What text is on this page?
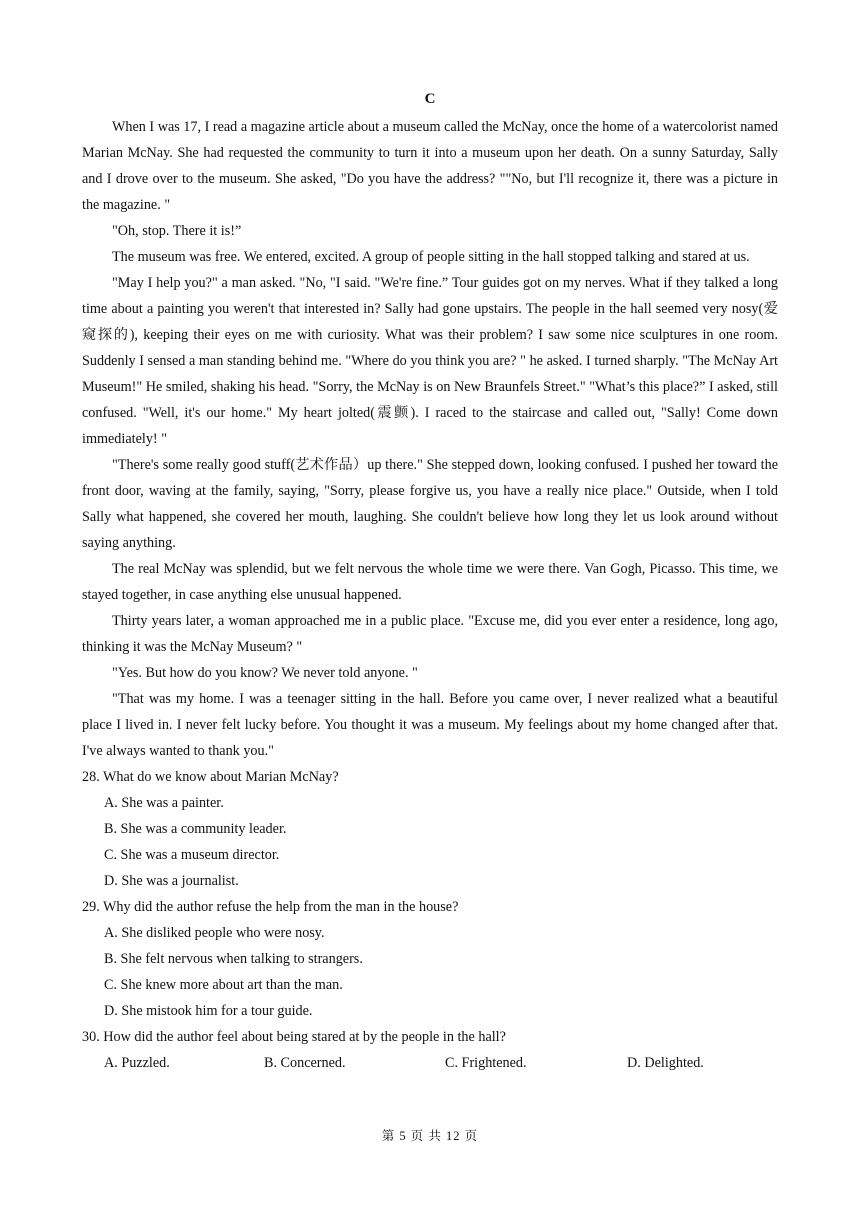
C

When I was 17, I read a magazine article about a museum called the McNay, once the home of a watercolorist named Marian McNay. She had requested the community to turn it into a museum upon her death. On a sunny Saturday, Sally and I drove over to the museum. She asked, "Do you have the address? ""No, but I'll recognize it, there was a picture in the magazine. "

"Oh, stop. There it is!”

The museum was free. We entered, excited. A group of people sitting in the hall stopped talking and stared at us.

"May I help you?" a man asked. "No, "I said. "We're fine.” Tour guides got on my nerves. What if they talked a long time about a painting you weren't that interested in? Sally had gone upstairs. The people in the hall seemed very nosy(爱窥探的), keeping their eyes on me with curiosity. What was their problem? I saw some nice sculptures in one room. Suddenly I sensed a man standing behind me. "Where do you think you are? " he asked. I turned sharply. "The McNay Art Museum!" He smiled, shaking his head. "Sorry, the McNay is on New Braunfels Street." "What’s this place?” I asked, still confused. "Well, it's our home." My heart jolted(震颤). I raced to the staircase and called out, "Sally! Come down immediately! "

"There's some really good stuff(艺术作品）up there." She stepped down, looking confused. I pushed her toward the front door, waving at the family, saying, "Sorry, please forgive us, you have a really nice place." Outside, when I told Sally what happened, she covered her mouth, laughing. She couldn't believe how long they let us look around without saying anything.

The real McNay was splendid, but we felt nervous the whole time we were there. Van Gogh, Picasso. This time, we stayed together, in case anything else unusual happened.

Thirty years later, a woman approached me in a public place. "Excuse me, did you ever enter a residence, long ago, thinking it was the McNay Museum? "

"Yes. But how do you know? We never told anyone. "

"That was my home. I was a teenager sitting in the hall. Before you came over, I never realized what a beautiful place I lived in. I never felt lucky before. You thought it was a museum. My feelings about my home changed after that. I've always wanted to thank you."

28. What do we know about Marian McNay?

A. She was a painter.

B. She was a community leader.

C. She was a museum director.

D. She was a journalist.

29. Why did the author refuse the help from the man in the house?

A. She disliked people who were nosy.

B. She felt nervous when talking to strangers.

C. She knew more about art than the man.

D. She mistook him for a tour guide.

30. How did the author feel about being stared at by the people in the hall?

A. Puzzled.	B. Concerned.	C. Frightened.	D. Delighted.
第 5 页 共 12 页
